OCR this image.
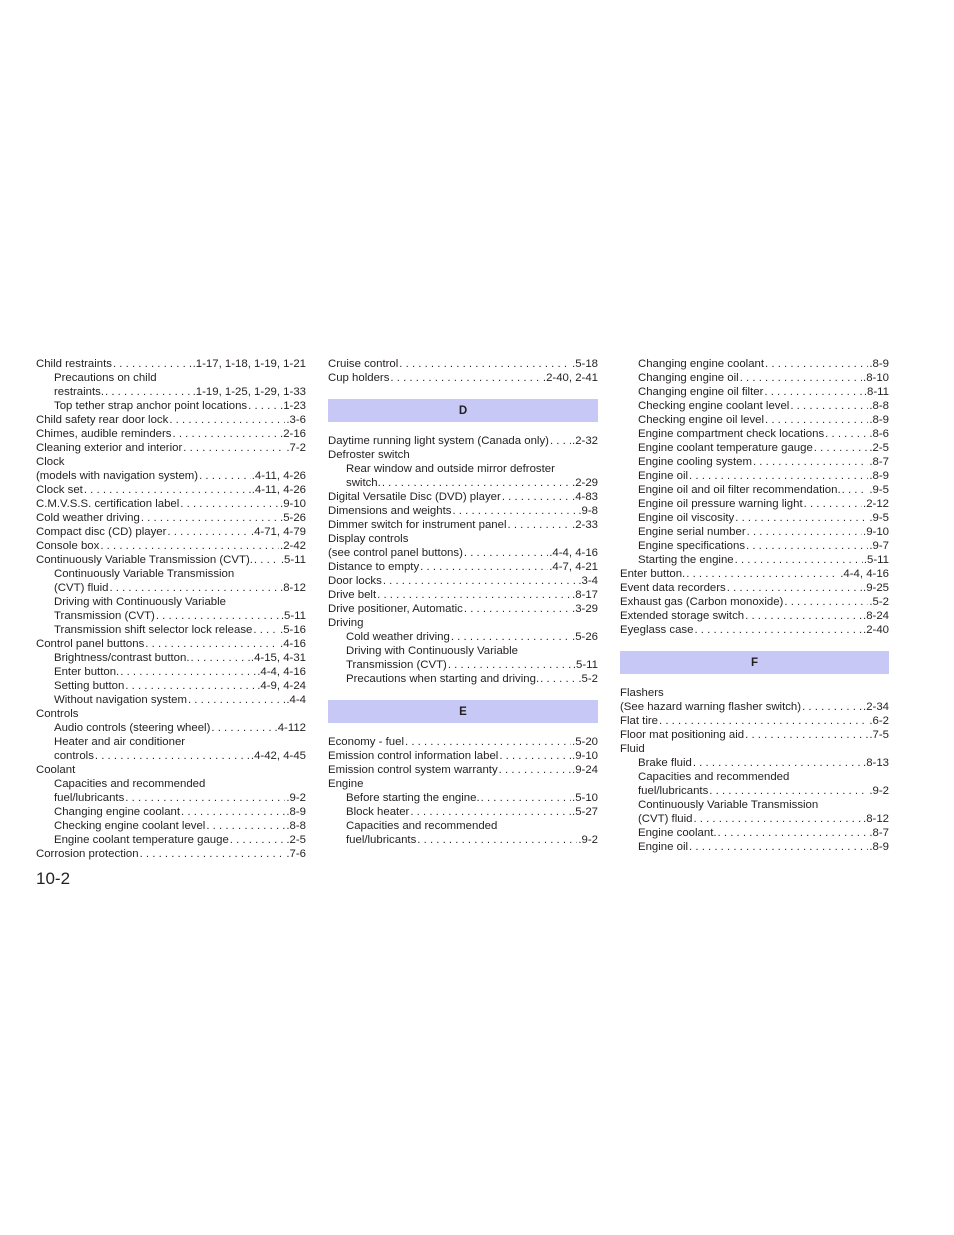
Child restraints . . .	.1-17, 1-18, 1-19, 1-21
Precautions on child
restraints. . . .	.1-19, 1-25, 1-29, 1-33
Top tether strap anchor point locations . . .	.1-23
Child safety rear door lock . . .	.3-6
Chimes, audible reminders . . .	.2-16
Cleaning exterior and interior . . .	.7-2
Clock
(models with navigation system) . . .	.4-11, 4-26
Clock set . . .	.4-11, 4-26
C.M.V.S.S. certification label . . .	.9-10
Cold weather driving . . .	.5-26
Compact disc (CD) player . . .	.4-71, 4-79
Console box . . .	.2-42
Continuously Variable Transmission (CVT). . . . .5-11
Continuously Variable Transmission
(CVT) fluid . . .	.8-12
Driving with Continuously Variable
Transmission (CVT) . . .	.5-11
Transmission shift selector lock release . . . .5-16
Control panel buttons . . .	.4-16
Brightness/contrast button. . . .	.4-15, 4-31
Enter button. . . .	.4-4, 4-16
Setting button . . .	.4-9, 4-24
Without navigation system . . .	.4-4
Controls
Audio controls (steering wheel) . . .	.4-112
Heater and air conditioner
controls . . .	.4-42, 4-45
Coolant
Capacities and recommended
fuel/lubricants . . .	.9-2
Changing engine coolant . . .	.8-9
Checking engine coolant level . . .	.8-8
Engine coolant temperature gauge . . .	.2-5
Corrosion protection . . .	.7-6
Cruise control . . .	.5-18
Cup holders . . .	.2-40, 2-41
D
Daytime running light system (Canada only) . . . .2-32
Defroster switch
Rear window and outside mirror defroster
switch. . . .	.2-29
Digital Versatile Disc (DVD) player . . .	.4-83
Dimensions and weights . . .	.9-8
Dimmer switch for instrument panel . . .	.2-33
Display controls
(see control panel buttons) . . .	.4-4, 4-16
Distance to empty . . .	.4-7, 4-21
Door locks . . .	.3-4
Drive belt . . .	.8-17
Drive positioner, Automatic . . .	.3-29
Driving
Cold weather driving . . .	.5-26
Driving with Continuously Variable
Transmission (CVT) . . .	.5-11
Precautions when starting and driving. . . .	.5-2
E
Economy - fuel . . .	.5-20
Emission control information label . . .	.9-10
Emission control system warranty . . .	.9-24
Engine
Before starting the engine. . . .	.5-10
Block heater . . .	.5-27
Capacities and recommended
fuel/lubricants . . .	.9-2
Changing engine coolant . . .	.8-9
Changing engine oil . . .	.8-10
Changing engine oil filter . . .	.8-11
Checking engine coolant level . . .	.8-8
Checking engine oil level . . .	.8-9
Engine compartment check locations . . .	.8-6
Engine coolant temperature gauge . . .	.2-5
Engine cooling system . . .	.8-7
Engine oil . . .	.8-9
Engine oil and oil filter recommendation. . . .	.9-5
Engine oil pressure warning light . . .	.2-12
Engine oil viscosity . . .	.9-5
Engine serial number . . .	.9-10
Engine specifications . . .	.9-7
Starting the engine . . .	.5-11
Enter button. . . .	.4-4, 4-16
Event data recorders . . .	.9-25
Exhaust gas (Carbon monoxide) . . .	.5-2
Extended storage switch . . .	.8-24
Eyeglass case . . .	.2-40
F
Flashers
(See hazard warning flasher switch) . . .	.2-34
Flat tire . . .	.6-2
Floor mat positioning aid . . .	.7-5
Fluid
Brake fluid . . .	.8-13
Capacities and recommended
fuel/lubricants . . .	.9-2
Continuously Variable Transmission
(CVT) fluid . . .	.8-12
Engine coolant. . . .	.8-7
Engine oil . . .	.8-9
10-2
